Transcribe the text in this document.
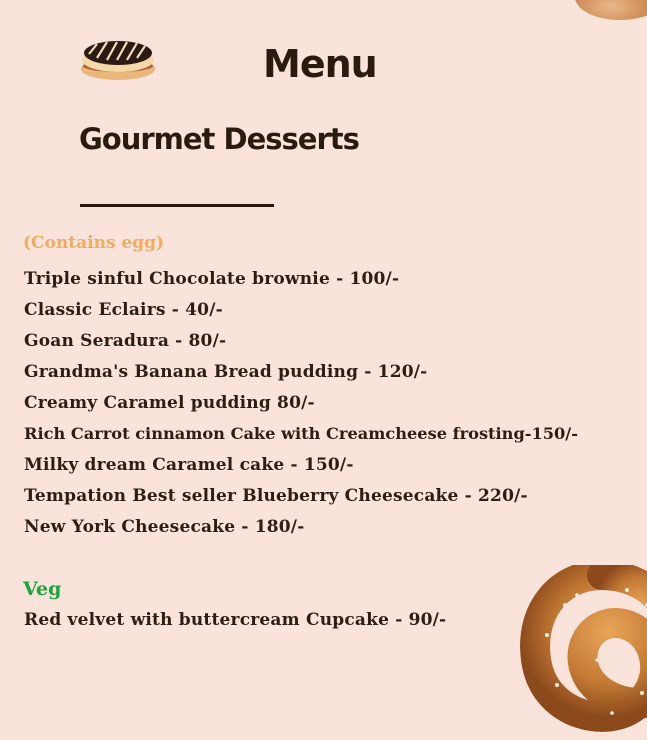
Menu
Gourmet Desserts
(Contains egg)
Triple sinful Chocolate brownie - 100/-
Classic Eclairs - 40/-
Goan Seradura - 80/-
Grandma's Banana Bread pudding - 120/-
Creamy Caramel pudding 80/-
Rich Carrot cinnamon Cake with Creamcheese frosting-150/-
Milky dream Caramel cake - 150/-
Tempation Best seller Blueberry Cheesecake - 220/-
New York Cheesecake - 180/-
Veg
Red velvet with buttercream Cupcake - 90/-
